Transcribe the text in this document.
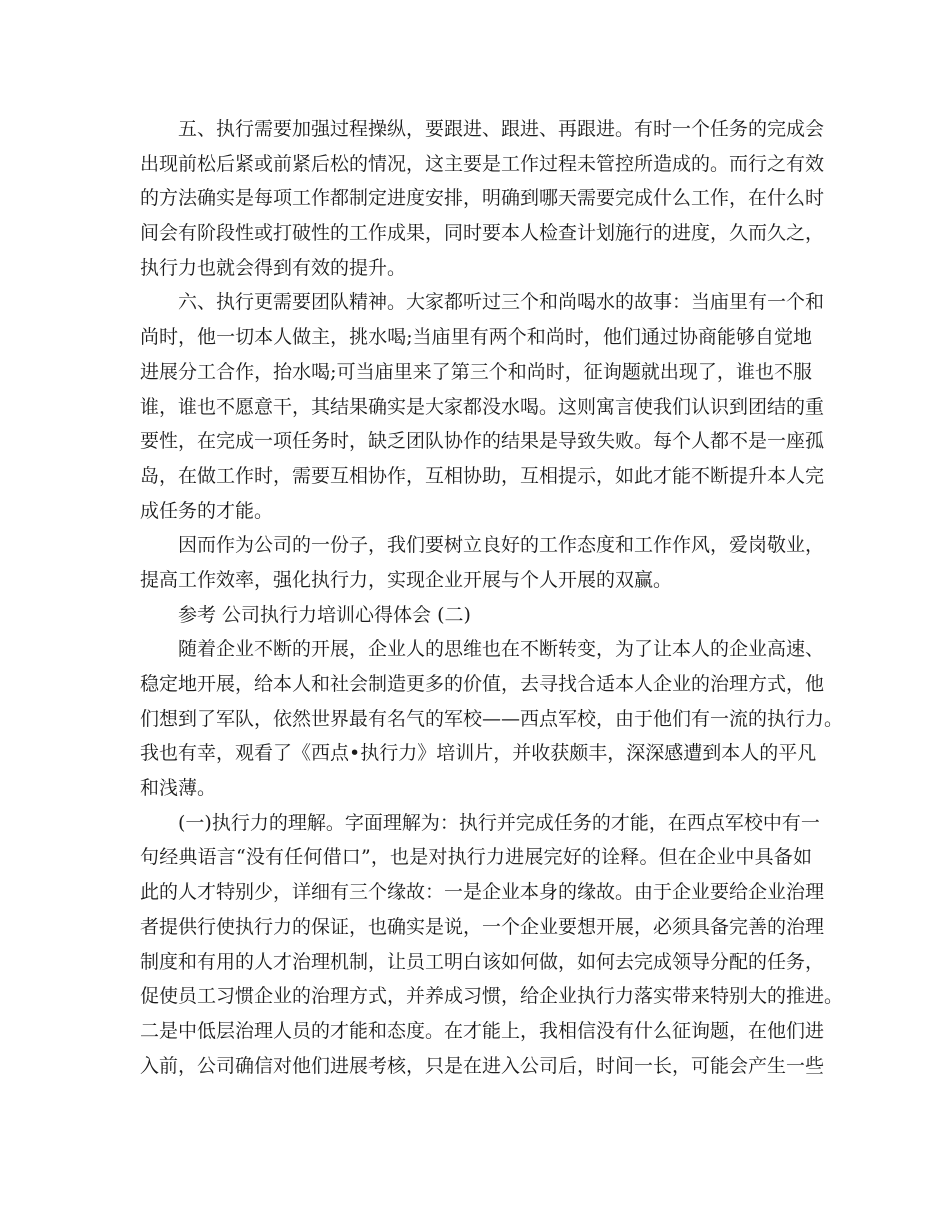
五、执行需要加强过程操纵，要跟进、跟进、再跟进。有时一个任务的完成会
出现前松后紧或前紧后松的情况，这主要是工作过程未管控所造成的。而行之有效
的方法确实是每项工作都制定进度安排，明确到哪天需要完成什么工作，在什么时
间会有阶段性或打破性的工作成果，同时要本人检查计划施行的进度，久而久之，
执行力也就会得到有效的提升。
六、执行更需要团队精神。大家都听过三个和尚喝水的故事：当庙里有一个和
尚时，他一切本人做主，挑水喝;当庙里有两个和尚时，他们通过协商能够自觉地
进展分工合作，抬水喝;可当庙里来了第三个和尚时，征询题就出现了，谁也不服
谁，谁也不愿意干，其结果确实是大家都没水喝。这则寓言使我们认识到团结的重
要性，在完成一项任务时，缺乏团队协作的结果是导致失败。每个人都不是一座孤
岛，在做工作时，需要互相协作，互相协助，互相提示，如此才能不断提升本人完
成任务的才能。
因而作为公司的一份子，我们要树立良好的工作态度和工作作风，爱岗敬业，
提高工作效率，强化执行力，实现企业开展与个人开展的双赢。
参考 公司执行力培训心得体会 (二)
随着企业不断的开展，企业人的思维也在不断转变，为了让本人的企业高速、
稳定地开展，给本人和社会制造更多的价值，去寻找合适本人企业的治理方式，他
们想到了军队，依然世界最有名气的军校——西点军校，由于他们有一流的执行力。
我也有幸，观看了《西点•执行力》培训片，并收获颇丰，深深感遭到本人的平凡
和浅薄。
(一)执行力的理解。字面理解为：执行并完成任务的才能，在西点军校中有一
句经典语言“没有任何借口”，也是对执行力进展完好的诠释。但在企业中具备如
此的人才特别少，详细有三个缘故：一是企业本身的缘故。由于企业要给企业治理
者提供行使执行力的保证，也确实是说，一个企业要想开展，必须具备完善的治理
制度和有用的人才治理机制，让员工明白该如何做，如何去完成领导分配的任务，
促使员工习惯企业的治理方式，并养成习惯，给企业执行力落实带来特别大的推进。
二是中低层治理人员的才能和态度。在才能上，我相信没有什么征询题，在他们进
入前，公司确信对他们进展考核，只是在进入公司后，时间一长，可能会产生一些
